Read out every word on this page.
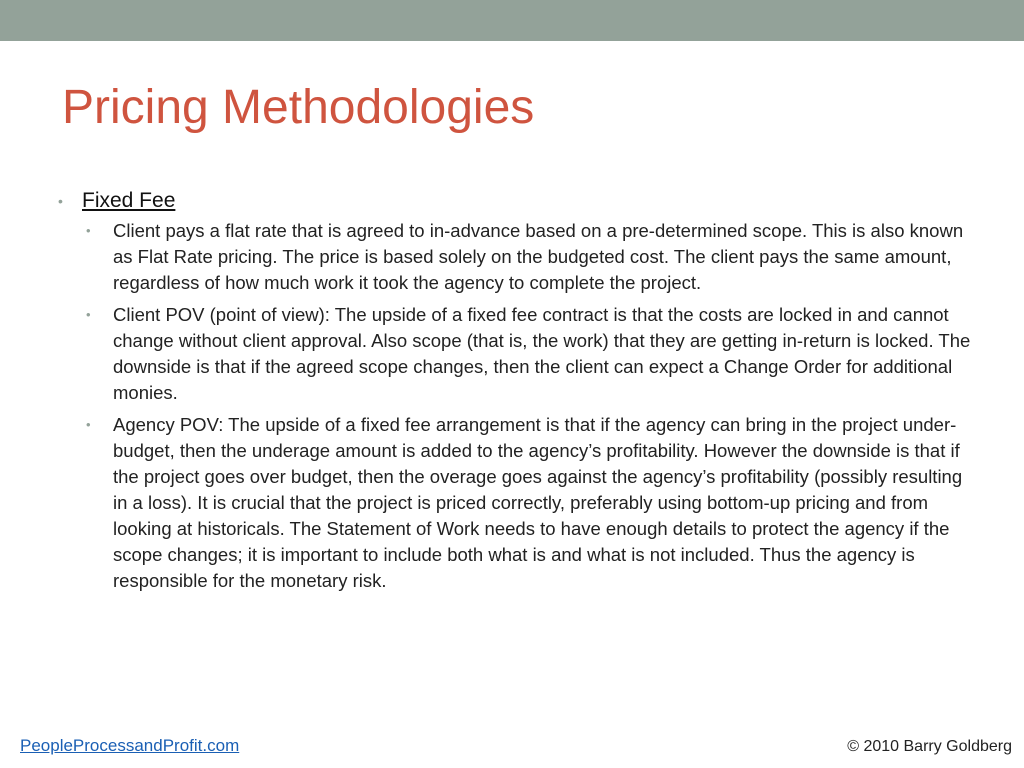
Pricing Methodologies
• Fixed Fee
• Client pays a flat rate that is agreed to in-advance based on a pre-determined scope. This is also known as Flat Rate pricing. The price is based solely on the budgeted cost. The client pays the same amount, regardless of how much work it took the agency to complete the project.
• Client POV (point of view): The upside of a fixed fee contract is that the costs are locked in and cannot change without client approval. Also scope (that is, the work) that they are getting in-return is locked. The downside is that if the agreed scope changes, then the client can expect a Change Order for additional monies.
• Agency POV: The upside of a fixed fee arrangement is that if the agency can bring in the project under-budget, then the underage amount is added to the agency’s profitability. However the downside is that if the project goes over budget, then the overage goes against the agency’s profitability (possibly resulting in a loss). It is crucial that the project is priced correctly, preferably using bottom-up pricing and from looking at historicals. The Statement of Work needs to have enough details to protect the agency if the scope changes; it is important to include both what is and what is not included. Thus the agency is responsible for the monetary risk.
PeopleProcessandProfit.com	© 2010 Barry Goldberg
